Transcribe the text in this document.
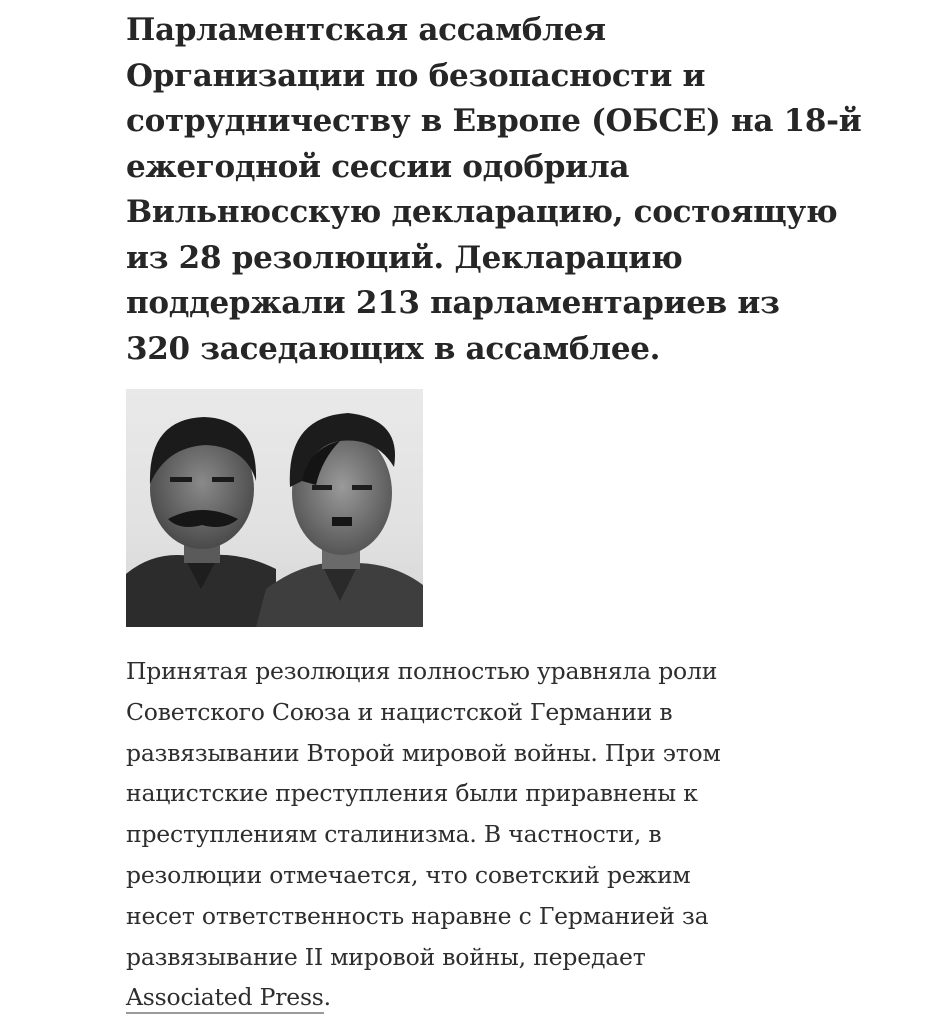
Парламентская ассамблея
Организации по безопасности и
сотрудничеству в Европе (ОБСЕ) на 18-й
ежегодной сессии одобрила
Вильнюсскую декларацию, состоящую
из 28 резолюций. Декларацию
поддержали 213 парламентариев из
320 заседающих в ассамблее.

Принятая резолюция полностью уравняла роли
Советского Союза и нацистской Германии в
развязывании Второй мировой войны. При этом
нацистские преступления были приравнены к
преступлениям сталинизма. В частности, в
резолюции отмечается, что советский режим
несет ответственность наравне с Германией за
развязывание II мировой войны, передает
Associated Press.
